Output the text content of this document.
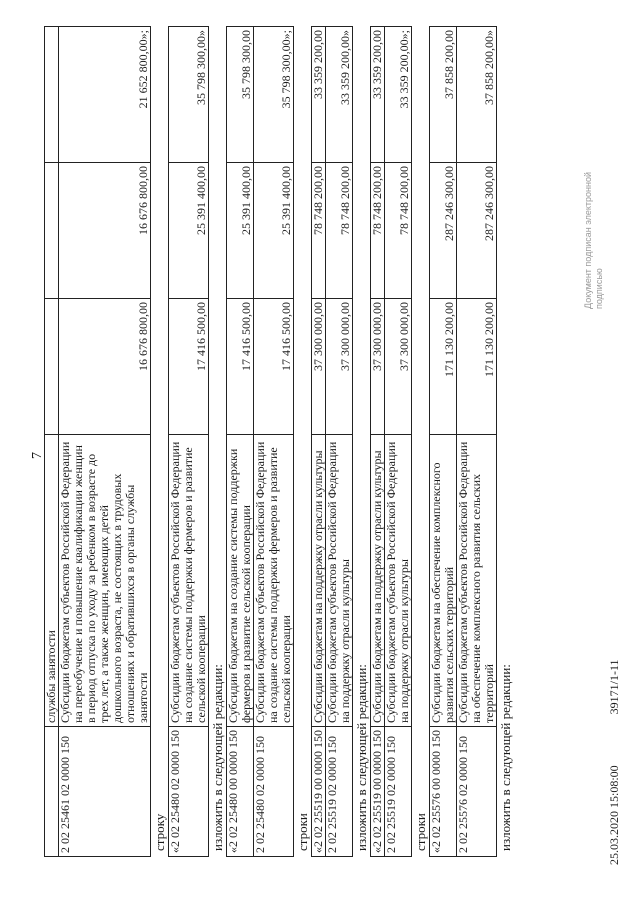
7
	службы занятости			
2 02 25461 02 0000 150	Субсидии бюджетам субъектов Российской Федерации на переобучение и повышение квалификации женщин в период отпуска по уходу за ребенком в возрасте до трех лет, а также женщин, имеющих детей дошкольного возраста, не состоящих в трудовых отношениях и обратившихся в органы службы занятости	16 676 800,00	16 676 800,00	21 652 800,00»;
строку «2 02 25480 02 0000 150	Субсидии бюджетам субъектов Российской Федерации на создание системы поддержки фермеров и развитие сельской кооперации	17 416 500,00	25 391 400,00	35 798 300,00»
изложить в следующей редакции: «2 02 25480 00 0000 150	Субсидии бюджетам на создание системы поддержки фермеров и развитие сельской кооперации	17 416 500,00	25 391 400,00	35 798 300,00
2 02 25480 02 0000 150	Субсидии бюджетам субъектов Российской Федерации на создание системы поддержки фермеров и развитие сельской кооперации	17 416 500,00	25 391 400,00	35 798 300,00»;
строки «2 02 25519 00 0000 150	Субсидии бюджетам на поддержку отрасли культуры	37 300 000,00	78 748 200,00	33 359 200,00
2 02 25519 02 0000 150	Субсидии бюджетам субъектов Российской Федерации на поддержку отрасли культуры	37 300 000,00	78 748 200,00	33 359 200,00»
изложить в следующей редакции: «2 02 25519 00 0000 150	Субсидии бюджетам на поддержку отрасли культуры	37 300 000,00	78 748 200,00	33 359 200,00
2 02 25519 02 0000 150	Субсидии бюджетам субъектов Российской Федерации на поддержку отрасли культуры	37 300 000,00	78 748 200,00	33 359 200,00»;
строки «2 02 25576 00 0000 150	Субсидии бюджетам на обеспечение комплексного развития сельских территорий	171 130 200,00	287 246 300,00	37 858 200,00
2 02 25576 02 0000 150	Субсидии бюджетам субъектов Российской Федерации на обеспечение комплексного развития сельских территорий	171 130 200,00	287 246 300,00	37 858 200,00»
изложить в следующей редакции:	25.03.2020 15:08:00 39171/1-11
Документ подписан электронной подписью
